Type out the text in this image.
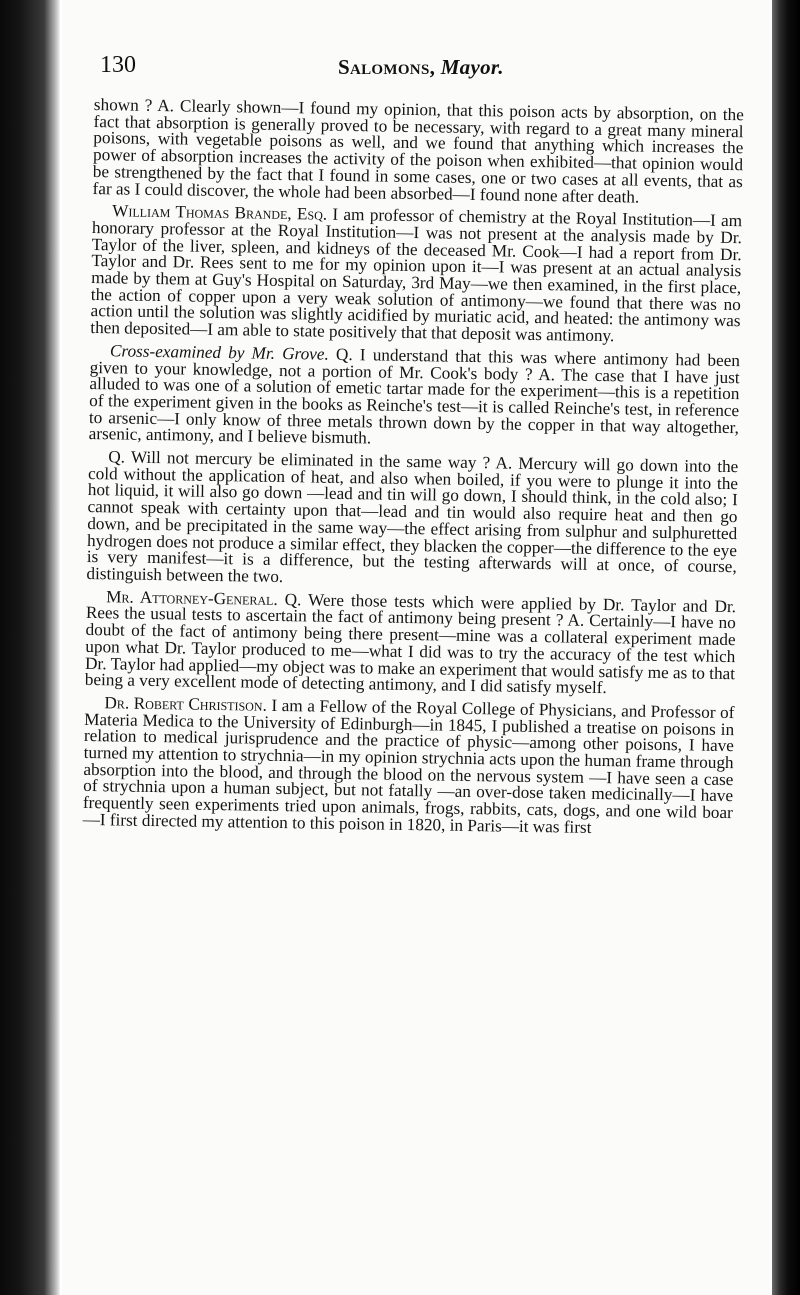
130	Salomons, Mayor.

shown ? A. Clearly shown—I found my opinion, that this poison acts by absorption, on the fact that absorption is generally proved to be necessary, with regard to a great many mineral poisons, with vegetable poisons as well, and we found that anything which increases the power of absorption increases the activity of the poison when exhibited—that opinion would be strengthened by the fact that I found in some cases, one or two cases at all events, that as far as I could discover, the whole had been absorbed—I found none after death.

William Thomas Brande, Esq. I am professor of chemistry at the Royal Institution—I am honorary professor at the Royal Institution—I was not present at the analysis made by Dr. Taylor of the liver, spleen, and kidneys of the deceased Mr. Cook—I had a report from Dr. Taylor and Dr. Rees sent to me for my opinion upon it—I was present at an actual analysis made by them at Guy's Hospital on Saturday, 3rd May—we then examined, in the first place, the action of copper upon a very weak solution of antimony—we found that there was no action until the solution was slightly acidified by muriatic acid, and heated: the antimony was then deposited—I am able to state positively that that deposit was antimony.

Cross-examined by Mr. Grove. Q. I understand that this was where antimony had been given to your knowledge, not a portion of Mr. Cook's body ? A. The case that I have just alluded to was one of a solution of emetic tartar made for the experiment—this is a repetition of the experiment given in the books as Reinche's test—it is called Reinche's test, in reference to arsenic—I only know of three metals thrown down by the copper in that way altogether, arsenic, antimony, and I believe bismuth.

Q. Will not mercury be eliminated in the same way ? A. Mercury will go down into the cold without the application of heat, and also when boiled, if you were to plunge it into the hot liquid, it will also go down —lead and tin will go down, I should think, in the cold also; I cannot speak with certainty upon that—lead and tin would also require heat and then go down, and be precipitated in the same way—the effect arising from sulphur and sulphuretted hydrogen does not produce a similar effect, they blacken the copper—the difference to the eye is very manifest—it is a difference, but the testing afterwards will at once, of course, distinguish between the two.

Mr. Attorney-General. Q. Were those tests which were applied by Dr. Taylor and Dr. Rees the usual tests to ascertain the fact of antimony being present ? A. Certainly—I have no doubt of the fact of antimony being there present—mine was a collateral experiment made upon what Dr. Taylor produced to me—what I did was to try the accuracy of the test which Dr. Taylor had applied—my object was to make an experiment that would satisfy me as to that being a very excellent mode of detecting antimony, and I did satisfy myself.

Dr. Robert Christison. I am a Fellow of the Royal College of Physicians, and Professor of Materia Medica to the University of Edinburgh—in 1845, I published a treatise on poisons in relation to medical jurisprudence and the practice of physic—among other poisons, I have turned my attention to strychnia—in my opinion strychnia acts upon the human frame through absorption into the blood, and through the blood on the nervous system —I have seen a case of strychnia upon a human subject, but not fatally —an over-dose taken medicinally—I have frequently seen experiments tried upon animals, frogs, rabbits, cats, dogs, and one wild boar—I first directed my attention to this poison in 1820, in Paris—it was first
